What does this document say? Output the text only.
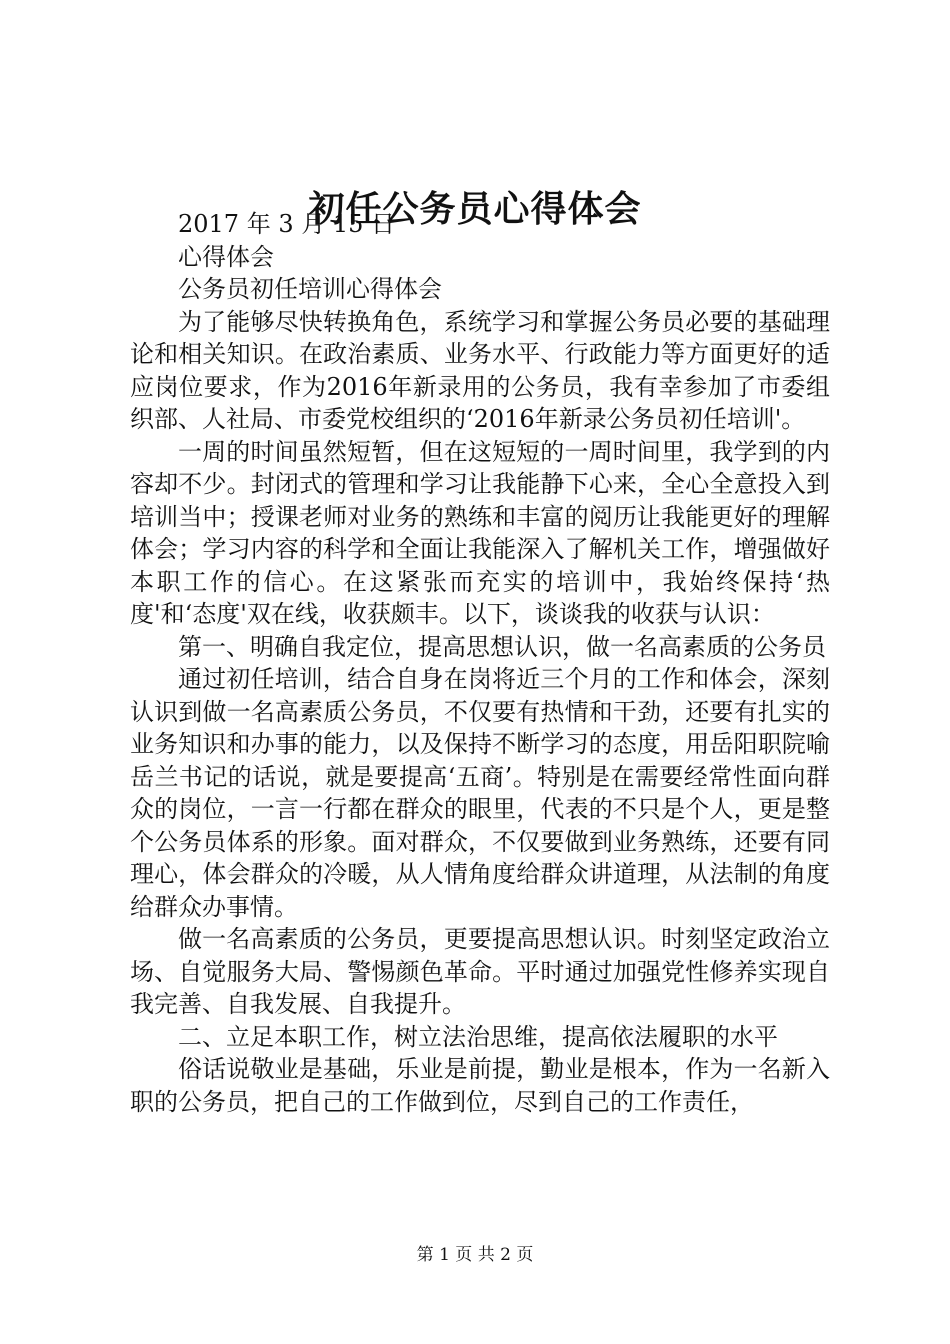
初任公务员心得体会

2017 年 3 月 15 日

心得体会

公务员初任培训心得体会

为了能够尽快转换角色，系统学习和掌握公务员必要的基础理论和相关知识。在政治素质、业务水平、行政能力等方面更好的适应岗位要求，作为2016年新录用的公务员，我有幸参加了市委组织部、人社局、市委党校组织的‘2016年新录公务员初任培训'。

一周的时间虽然短暂，但在这短短的一周时间里，我学到的内容却不少。封闭式的管理和学习让我能静下心来，全心全意投入到培训当中；授课老师对业务的熟练和丰富的阅历让我能更好的理解体会；学习内容的科学和全面让我能深入了解机关工作，增强做好本职工作的信心。在这紧张而充实的培训中，我始终保持‘热度'和‘态度'双在线，收获颇丰。以下，谈谈我的收获与认识：

第一、明确自我定位，提高思想认识，做一名高素质的公务员

通过初任培训，结合自身在岗将近三个月的工作和体会，深刻认识到做一名高素质公务员，不仅要有热情和干劲，还要有扎实的业务知识和办事的能力，以及保持不断学习的态度，用岳阳职院喻岳兰书记的话说，就是要提高‘五商’。特别是在需要经常性面向群众的岗位，一言一行都在群众的眼里，代表的不只是个人，更是整个公务员体系的形象。面对群众，不仅要做到业务熟练，还要有同理心，体会群众的冷暖，从人情角度给群众讲道理，从法制的角度给群众办事情。

做一名高素质的公务员，更要提高思想认识。时刻坚定政治立场、自觉服务大局、警惕颜色革命。平时通过加强党性修养实现自我完善、自我发展、自我提升。

二、立足本职工作，树立法治思维，提高依法履职的水平

俗话说敬业是基础，乐业是前提，勤业是根本，作为一名新入职的公务员，把自己的工作做到位，尽到自己的工作责任，

第 1 页 共 2 页
